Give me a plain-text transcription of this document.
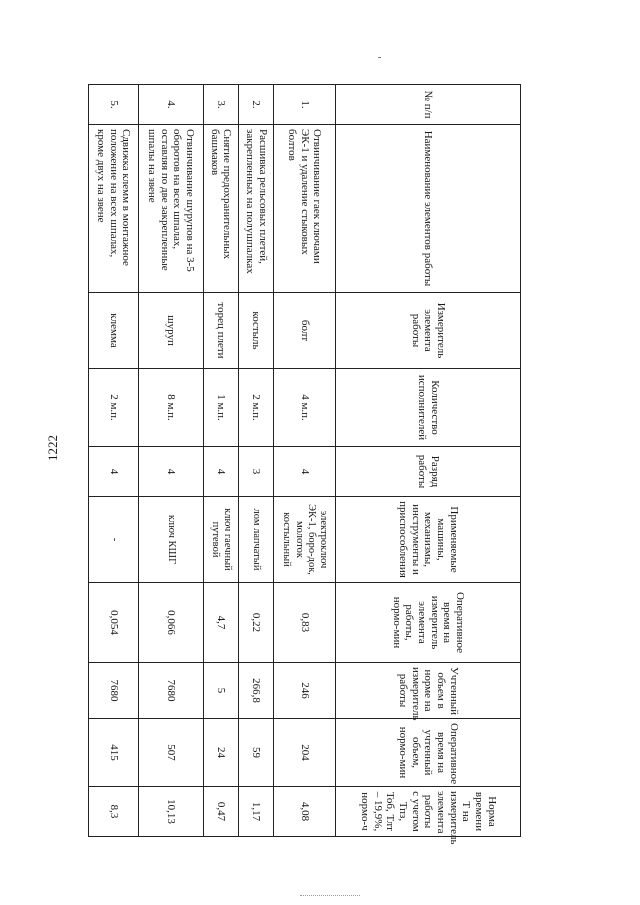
1222
№ п/п	Наименование элементов работы	Измеритель элемента работы	Количество исполнителей	Разряд работы	Применяемые машины, механизмы, инструменты и приспособления	Оперативное время на измеритель элемента работы, нормо-мин	Учтенный объем в норме на измеритель работы	Оперативное время на учтенный объем, нормо-мин	Норма времени Т на измеритель элемента работы с учетом Тпз, Тоб, Тлт – 19,9%, нормо-ч
1.	Отвинчивание гаек ключами ЭК-1 и удаление стыковых болтов	болт	4 м.п.	4	электроключ ЭК-1, боро-док, молоток костыльный	0,83	246	204	4,08
2.	Расшивка рельсовых плетей, закрепленных на полушпалках	костыль	2 м.п.	3	лом лапчатый	0,22	266,8	59	1,17
3.	Снятие предохранительных башмаков	торец плети	1 м.п.	4	ключ гаечный путевой	4,7	5	24	0,47
4.	Отвинчивание шурупов на 3-5 оборотов на всех шпалах, оставляя по две закрепленные шпалы на звене	шуруп	8 м.п.	4	ключ КШГ	0,066	7680	507	10,13
5.	Сдвижка клемм в монтажное положение на всех шпалах, кроме двух на звене	клемма	2 м.п.	4	-	0,054	7680	415	8,3
